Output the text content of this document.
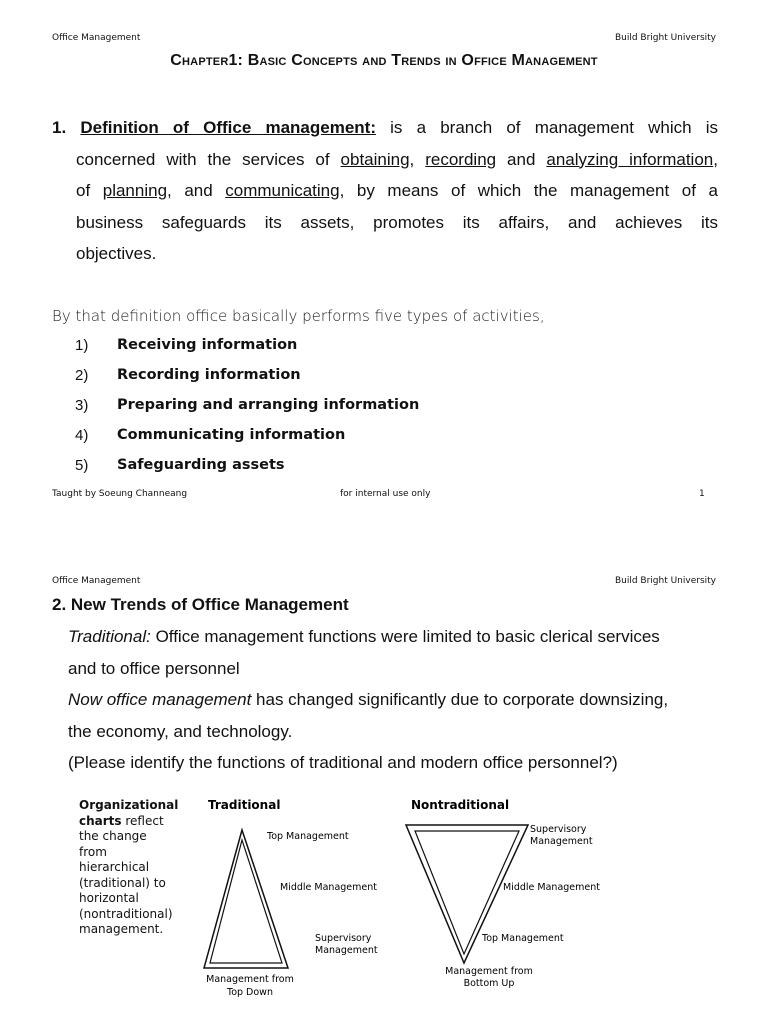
Office Management	Build Bright University
Chapter1: Basic Concepts and Trends in Office Management
1. Definition of Office management: is a branch of management which is
concerned with the services of obtaining, recording and analyzing information,
of planning, and communicating, by means of which the management of a
business safeguards its assets, promotes its affairs, and achieves its
objectives.
By that definition office basically performs five types of activities,
1)	Receiving information
2)	Recording information
3)	Preparing and arranging information
4)	Communicating information
5)	Safeguarding assets
Taught by Soeung Channeang	for internal use only	1
Office Management	Build Bright University
2. New Trends of Office Management
Traditional: Office management functions were limited to basic clerical services
and to office personnel
Now office management has changed significantly due to corporate downsizing,
the economy, and technology.
(Please identify the functions of traditional and modern office personnel?)
Organizational charts reflect
the change
from
hierarchical
(traditional) to
horizontal
(nontraditional)
management.
Traditional	Nontraditional
Top Management
Middle Management
Supervisory
Management
Management from
Top Down
Supervisory
Management
Middle Management
Top Management
Management from
Bottom Up
